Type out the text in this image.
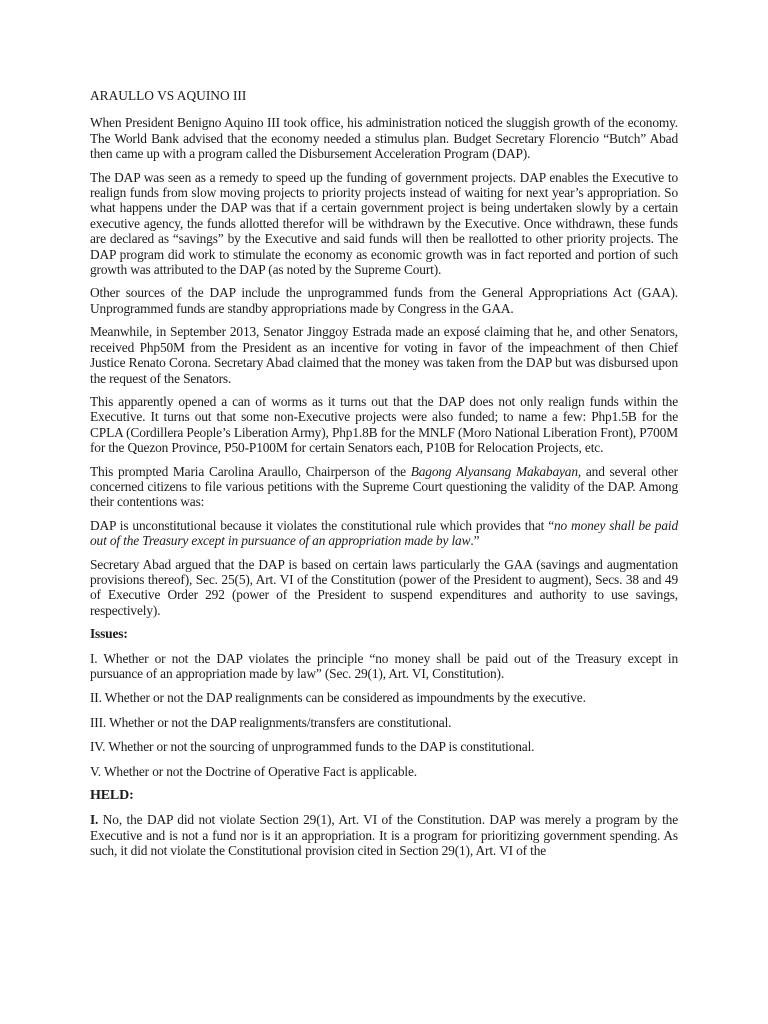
ARAULLO VS AQUINO III

When President Benigno Aquino III took office, his administration noticed the sluggish growth of the economy. The World Bank advised that the economy needed a stimulus plan. Budget Secretary Florencio “Butch” Abad then came up with a program called the Disbursement Acceleration Program (DAP).

The DAP was seen as a remedy to speed up the funding of government projects. DAP enables the Executive to realign funds from slow moving projects to priority projects instead of waiting for next year’s appropriation. So what happens under the DAP was that if a certain government project is being undertaken slowly by a certain executive agency, the funds allotted therefor will be withdrawn by the Executive. Once withdrawn, these funds are declared as “savings” by the Executive and said funds will then be reallotted to other priority projects. The DAP program did work to stimulate the economy as economic growth was in fact reported and portion of such growth was attributed to the DAP (as noted by the Supreme Court).

Other sources of the DAP include the unprogrammed funds from the General Appropriations Act (GAA). Unprogrammed funds are standby appropriations made by Congress in the GAA.

Meanwhile, in September 2013, Senator Jinggoy Estrada made an exposé claiming that he, and other Senators, received Php50M from the President as an incentive for voting in favor of the impeachment of then Chief Justice Renato Corona. Secretary Abad claimed that the money was taken from the DAP but was disbursed upon the request of the Senators.

This apparently opened a can of worms as it turns out that the DAP does not only realign funds within the Executive. It turns out that some non-Executive projects were also funded; to name a few: Php1.5B for the CPLA (Cordillera People’s Liberation Army), Php1.8B for the MNLF (Moro National Liberation Front), P700M for the Quezon Province, P50-P100M for certain Senators each, P10B for Relocation Projects, etc.

This prompted Maria Carolina Araullo, Chairperson of the Bagong Alyansang Makabayan, and several other concerned citizens to file various petitions with the Supreme Court questioning the validity of the DAP. Among their contentions was:

DAP is unconstitutional because it violates the constitutional rule which provides that “no money shall be paid out of the Treasury except in pursuance of an appropriation made by law.”

Secretary Abad argued that the DAP is based on certain laws particularly the GAA (savings and augmentation provisions thereof), Sec. 25(5), Art. VI of the Constitution (power of the President to augment), Secs. 38 and 49 of Executive Order 292 (power of the President to suspend expenditures and authority to use savings, respectively).

Issues:

I. Whether or not the DAP violates the principle “no money shall be paid out of the Treasury except in pursuance of an appropriation made by law” (Sec. 29(1), Art. VI, Constitution).

II. Whether or not the DAP realignments can be considered as impoundments by the executive.

III. Whether or not the DAP realignments/transfers are constitutional.

IV. Whether or not the sourcing of unprogrammed funds to the DAP is constitutional.

V. Whether or not the Doctrine of Operative Fact is applicable.

HELD:

I. No, the DAP did not violate Section 29(1), Art. VI of the Constitution. DAP was merely a program by the Executive and is not a fund nor is it an appropriation. It is a program for prioritizing government spending. As such, it did not violate the Constitutional provision cited in Section 29(1), Art. VI of the
